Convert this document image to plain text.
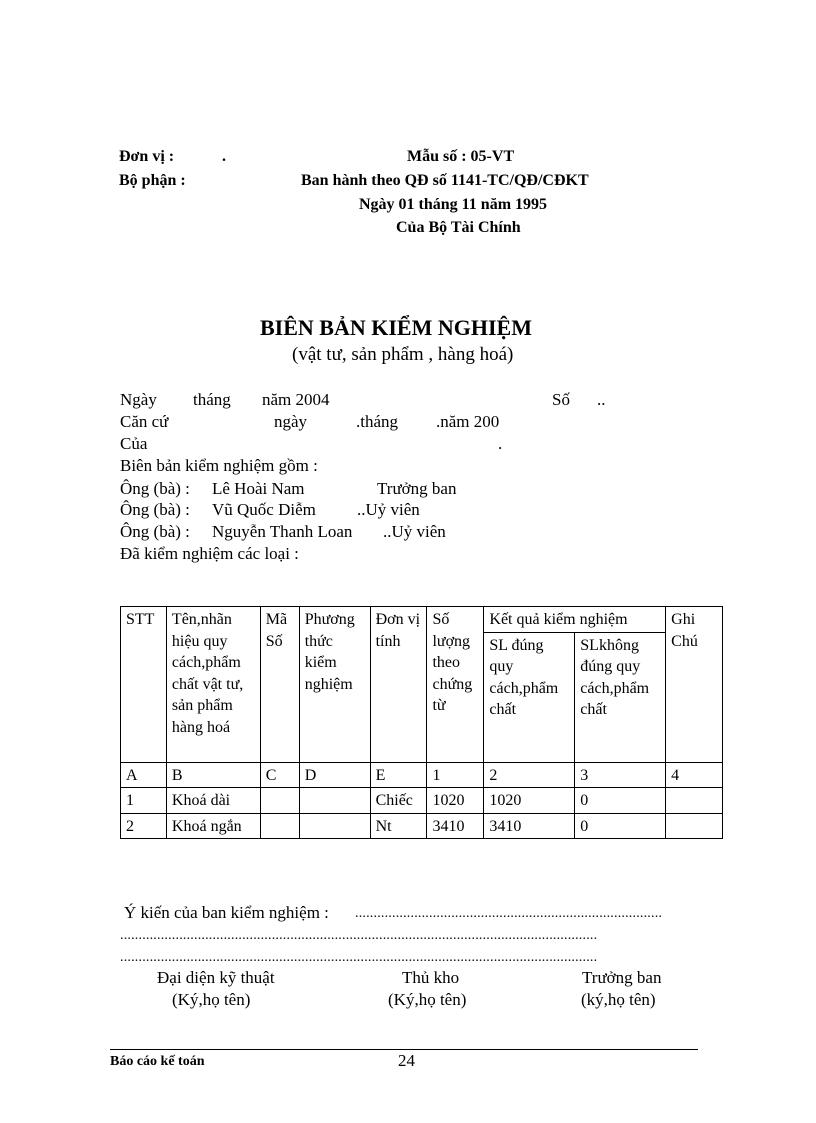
Đơn vị :	.
Bộ phận :
Mẫu số : 05-VT
Ban hành theo QĐ số 1141-TC/QĐ/CĐKT
Ngày 01 tháng 11 năm 1995
Của Bộ Tài Chính
BIÊN BẢN KIỂM NGHIỆM
(vật tư, sản phẩm , hàng hoá)
Ngày tháng năm 2004	Số ..
Căn cứ	ngày	.tháng .năm 200
Của	.
Biên bản kiểm nghiệm gồm :
Ông (bà) : Lê Hoài Nam	Trưởng ban
Ông (bà) : Vũ Quốc Diễm ..Uỷ viên
Ông (bà) : Nguyễn Thanh Loan ..Uỷ viên
Đã kiểm nghiệm các loại :
STT	Tên,nhãn hiệu quy cách,phẩm chất vật tư, sản phẩm hàng hoá	Mã Số	Phương thức kiểm nghiệm	Đơn vị tính	Số lượng theo chứng từ	Kết quả kiểm nghiệm		Ghi Chú
						SL đúng quy cách,phẩm chất	SLkhông đúng quy cách,phẩm chất	
A	B	C	D	E	1	2	3	4
1	Khoá dài			Chiếc	1020	1020	0	
2	Khoá ngắn			Nt	3410	3410	0	
Ý kiến của ban kiểm nghiệm : ...................................................................................
.................................................................................................................................
.................................................................................................................................
Đại diện kỹ thuật
(Ký,họ tên)
Thủ kho
(Ký,họ tên)
Trưởng ban
(ký,họ tên)
Báo cáo kế toán	24
